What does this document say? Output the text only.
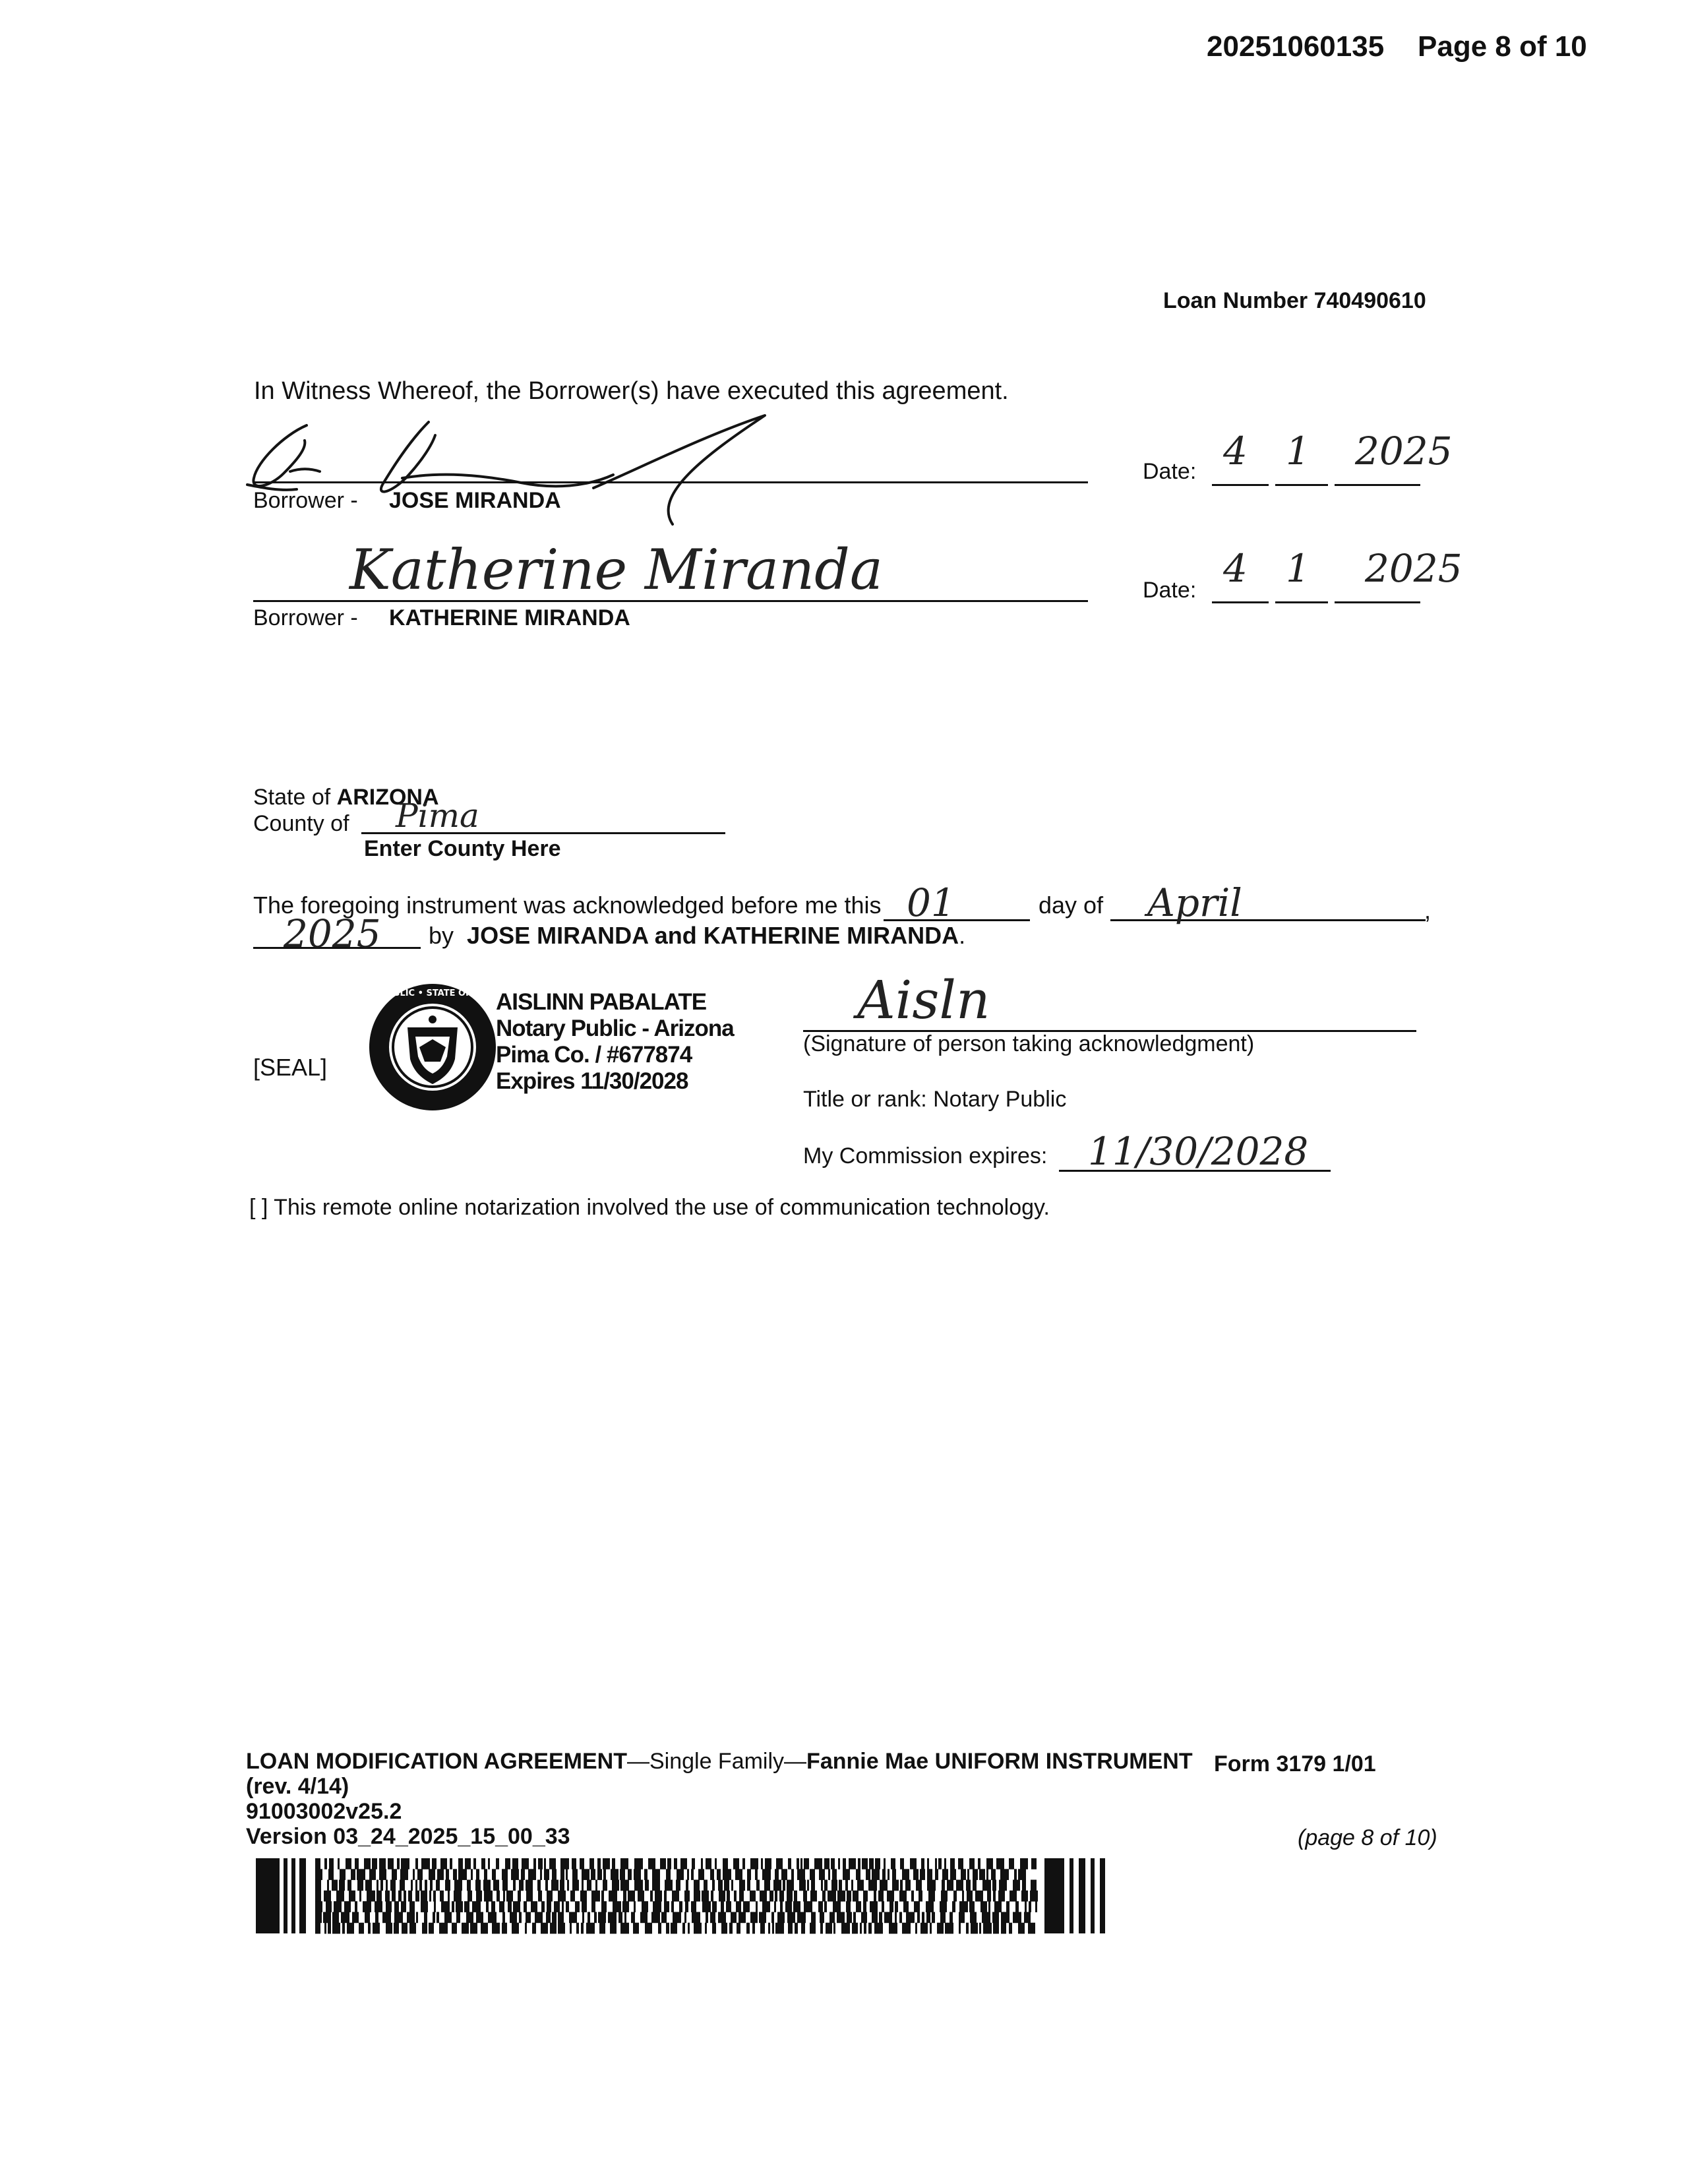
20251060135 Page 8 of 10
Loan Number 740490610
In Witness Whereof, the Borrower(s) have executed this agreement.
Borrower - JOSE MIRANDA
Date: 4 1 2025
Katherine Miranda
Borrower - KATHERINE MIRANDA
Date: 4 1 2025
State of ARIZONA
County of Pima
Enter County Here
The foregoing instrument was acknowledged before me this 01	day of April	,
2025 by JOSE MIRANDA and KATHERINE MIRANDA.
[SEAL]
NOTARY PUBLIC • STATE OF ARIZONA •
AISLINN PABALATE
Notary Public - Arizona
Pima Co. / #677874
Expires 11/30/2028
Aisln
(Signature of person taking acknowledgment)
Title or rank: Notary Public
My Commission expires: 11/30/2028
[ ] This remote online notarization involved the use of communication technology.
LOAN MODIFICATION AGREEMENT—Single Family—Fannie Mae UNIFORM INSTRUMENT
(rev. 4/14)
91003002v25.2
Version 03_24_2025_15_00_33
Form 3179 1/01
(page 8 of 10)
